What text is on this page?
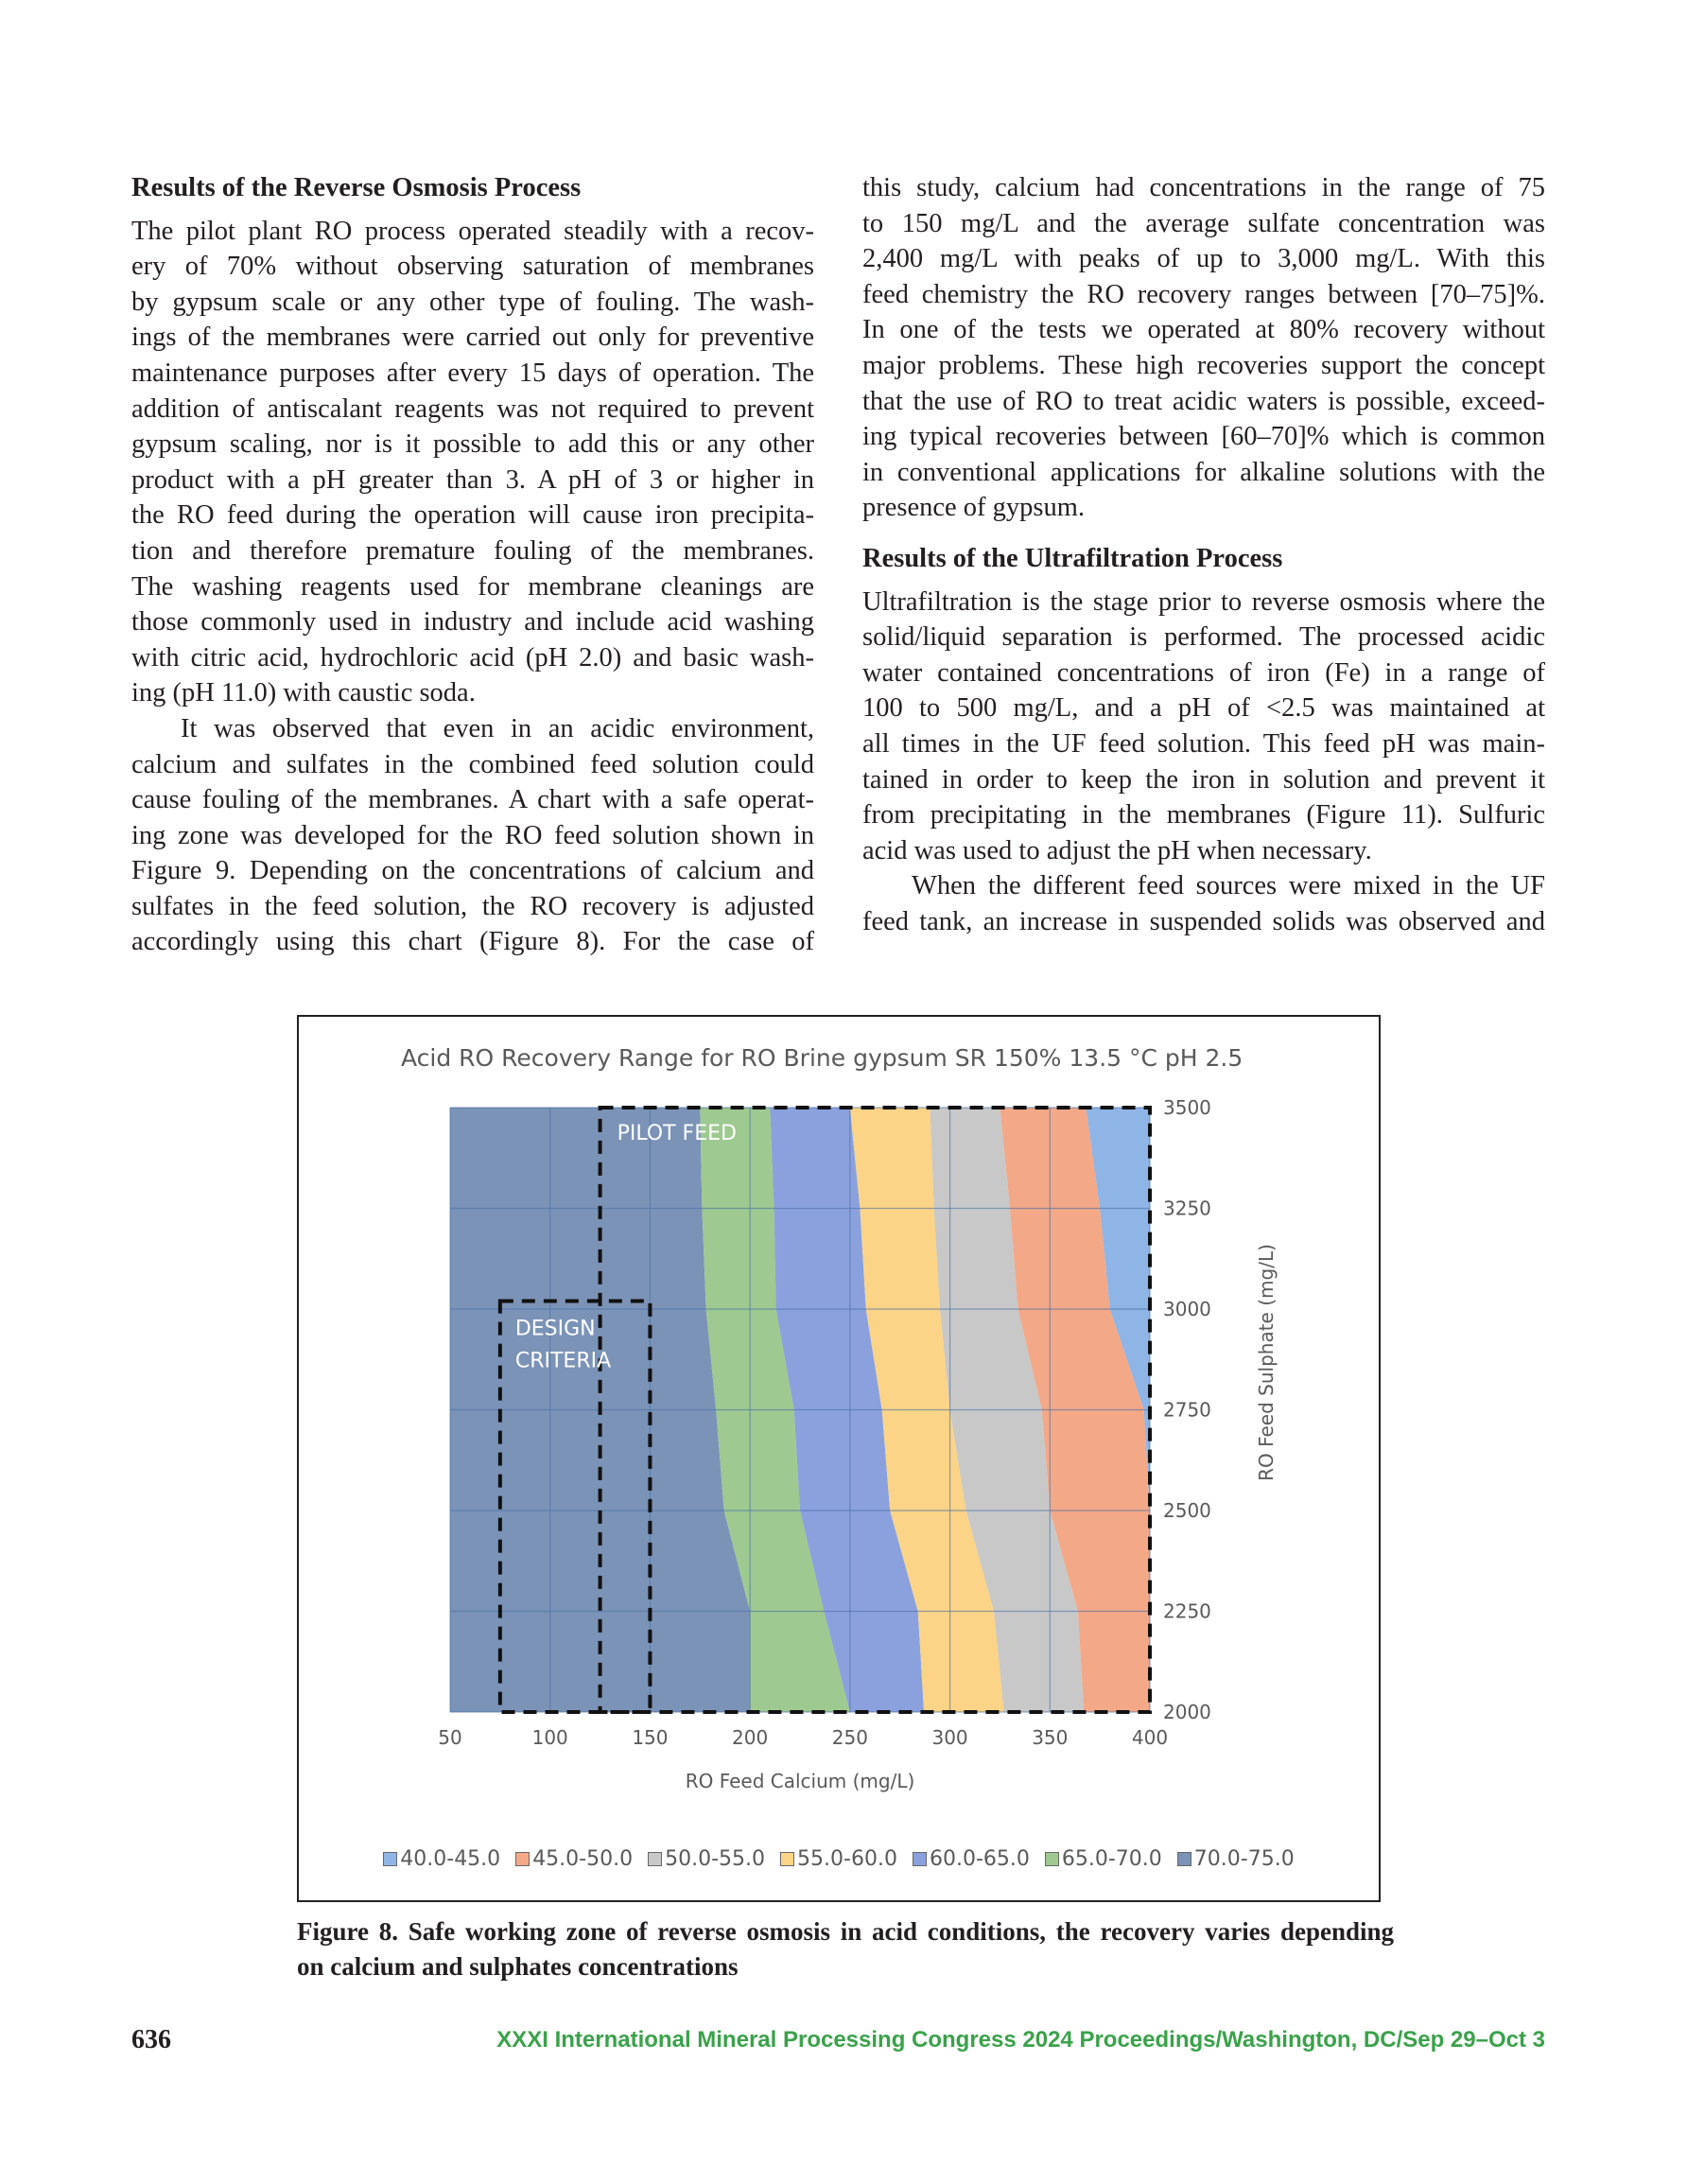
Results of the Reverse Osmosis Process
The pilot plant RO process operated steadily with a recov-
ery of 70% without observing saturation of membranes
by gypsum scale or any other type of fouling. The wash-
ings of the membranes were carried out only for preventive
maintenance purposes after every 15 days of operation. The
addition of antiscalant reagents was not required to prevent
gypsum scaling, nor is it possible to add this or any other
product with a pH greater than 3. A pH of 3 or higher in
the RO feed during the operation will cause iron precipita-
tion and therefore premature fouling of the membranes.
The washing reagents used for membrane cleanings are
those commonly used in industry and include acid washing
with citric acid, hydrochloric acid (pH 2.0) and basic wash-
ing (pH 11.0) with caustic soda.
It was observed that even in an acidic environment,
calcium and sulfates in the combined feed solution could
cause fouling of the membranes. A chart with a safe operat-
ing zone was developed for the RO feed solution shown in
Figure 9. Depending on the concentrations of calcium and
sulfates in the feed solution, the RO recovery is adjusted
accordingly using this chart (Figure 8). For the case of
this study, calcium had concentrations in the range of 75
to 150 mg/L and the average sulfate concentration was
2,400 mg/L with peaks of up to 3,000 mg/L. With this
feed chemistry the RO recovery ranges between [70–75]%.
In one of the tests we operated at 80% recovery without
major problems. These high recoveries support the concept
that the use of RO to treat acidic waters is possible, exceed-
ing typical recoveries between [60–70]% which is common
in conventional applications for alkaline solutions with the
presence of gypsum.
Results of the Ultrafiltration Process
Ultrafiltration is the stage prior to reverse osmosis where the
solid/liquid separation is performed. The processed acidic
water contained concentrations of iron (Fe) in a range of
100 to 500 mg/L, and a pH of <2.5 was maintained at
all times in the UF feed solution. This feed pH was main-
tained in order to keep the iron in solution and prevent it
from precipitating in the membranes (Figure 11). Sulfuric
acid was used to adjust the pH when necessary.
When the different feed sources were mixed in the UF
feed tank, an increase in suspended solids was observed and
PILOT FEED
DESIGN
CRITERIA
Acid RO Recovery Range for RO Brine gypsum SR 150% 13.5 °C pH 2.5
50	100	150	200	250	300	350	400
2000
2250
2500
2750
3000
3250
3500
RO Feed Calcium (mg/L)
RO Feed Sulphate (mg/L)
40.0-45.0 45.0-50.0 50.0-55.0 55.0-60.0 60.0-65.0 65.0-70.0 70.0-75.0
Figure 8. Safe working zone of reverse osmosis in acid conditions, the recovery varies depending
on calcium and sulphates concentrations
636	XXXI International Mineral Processing Congress 2024 Proceedings/Washington, DC/Sep 29–Oct 3
